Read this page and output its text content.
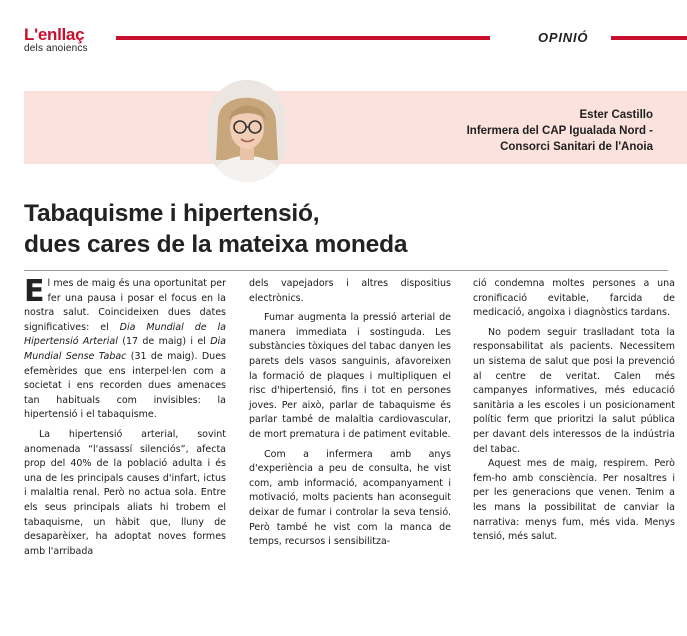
L'enllaç
dels anoiencs
OPINIÓ
Ester Castillo
Infermera del CAP Igualada Nord -
Consorci Sanitari de l'Anoia
Tabaquisme i hipertensió,
dues cares de la mateixa moneda

El mes de maig és una oportunitat per fer una pausa i posar el focus en la nostra salut. Coincideixen dues dates significatives: el Dia Mundial de la Hipertensió Arterial (17 de maig) i el Dia Mundial Sense Tabac (31 de maig). Dues efemèrides que ens interpel·len com a societat i ens recorden dues amenaces tan habituals com invisibles: la hipertensió i el tabaquisme.

La hipertensió arterial, sovint anomenada “l'assassí silenciós”, afecta prop del 40% de la població adulta i és una de les principals causes d'infart, ictus i malaltia renal. Però no actua sola. Entre els seus principals aliats hi trobem el tabaquisme, un hàbit que, lluny de desaparèixer, ha adoptat noves formes amb l'arribada

dels vapejadors i altres dispositius electrònics.

Fumar augmenta la pressió arterial de manera immediata i sostinguda. Les substàncies tòxiques del tabac danyen les parets dels vasos sanguinis, afavoreixen la formació de plaques i multipliquen el risc d'hipertensió, fins i tot en persones joves. Per això, parlar de tabaquisme és parlar també de malaltia cardiovascular, de mort prematura i de patiment evitable.

Com a infermera amb anys d'experiència a peu de consulta, he vist com, amb informació, acompanyament i motivació, molts pacients han aconseguit deixar de fumar i controlar la seva tensió. Però també he vist com la manca de temps, recursos i sensibilitza-

ció condemna moltes persones a una cronificació evitable, farcida de medicació, angoixa i diagnòstics tardans.

No podem seguir traslladant tota la responsabilitat als pacients. Necessitem un sistema de salut que posi la prevenció al centre de veritat. Calen més campanyes informatives, més educació sanitària a les escoles i un posicionament polític ferm que prioritzi la salut pública per davant dels interessos de la indústria del tabac.

Aquest mes de maig, respirem. Però fem-ho amb consciència. Per nosaltres i per les generacions que venen. Tenim a les mans la possibilitat de canviar la narrativa: menys fum, més vida. Menys tensió, més salut.
